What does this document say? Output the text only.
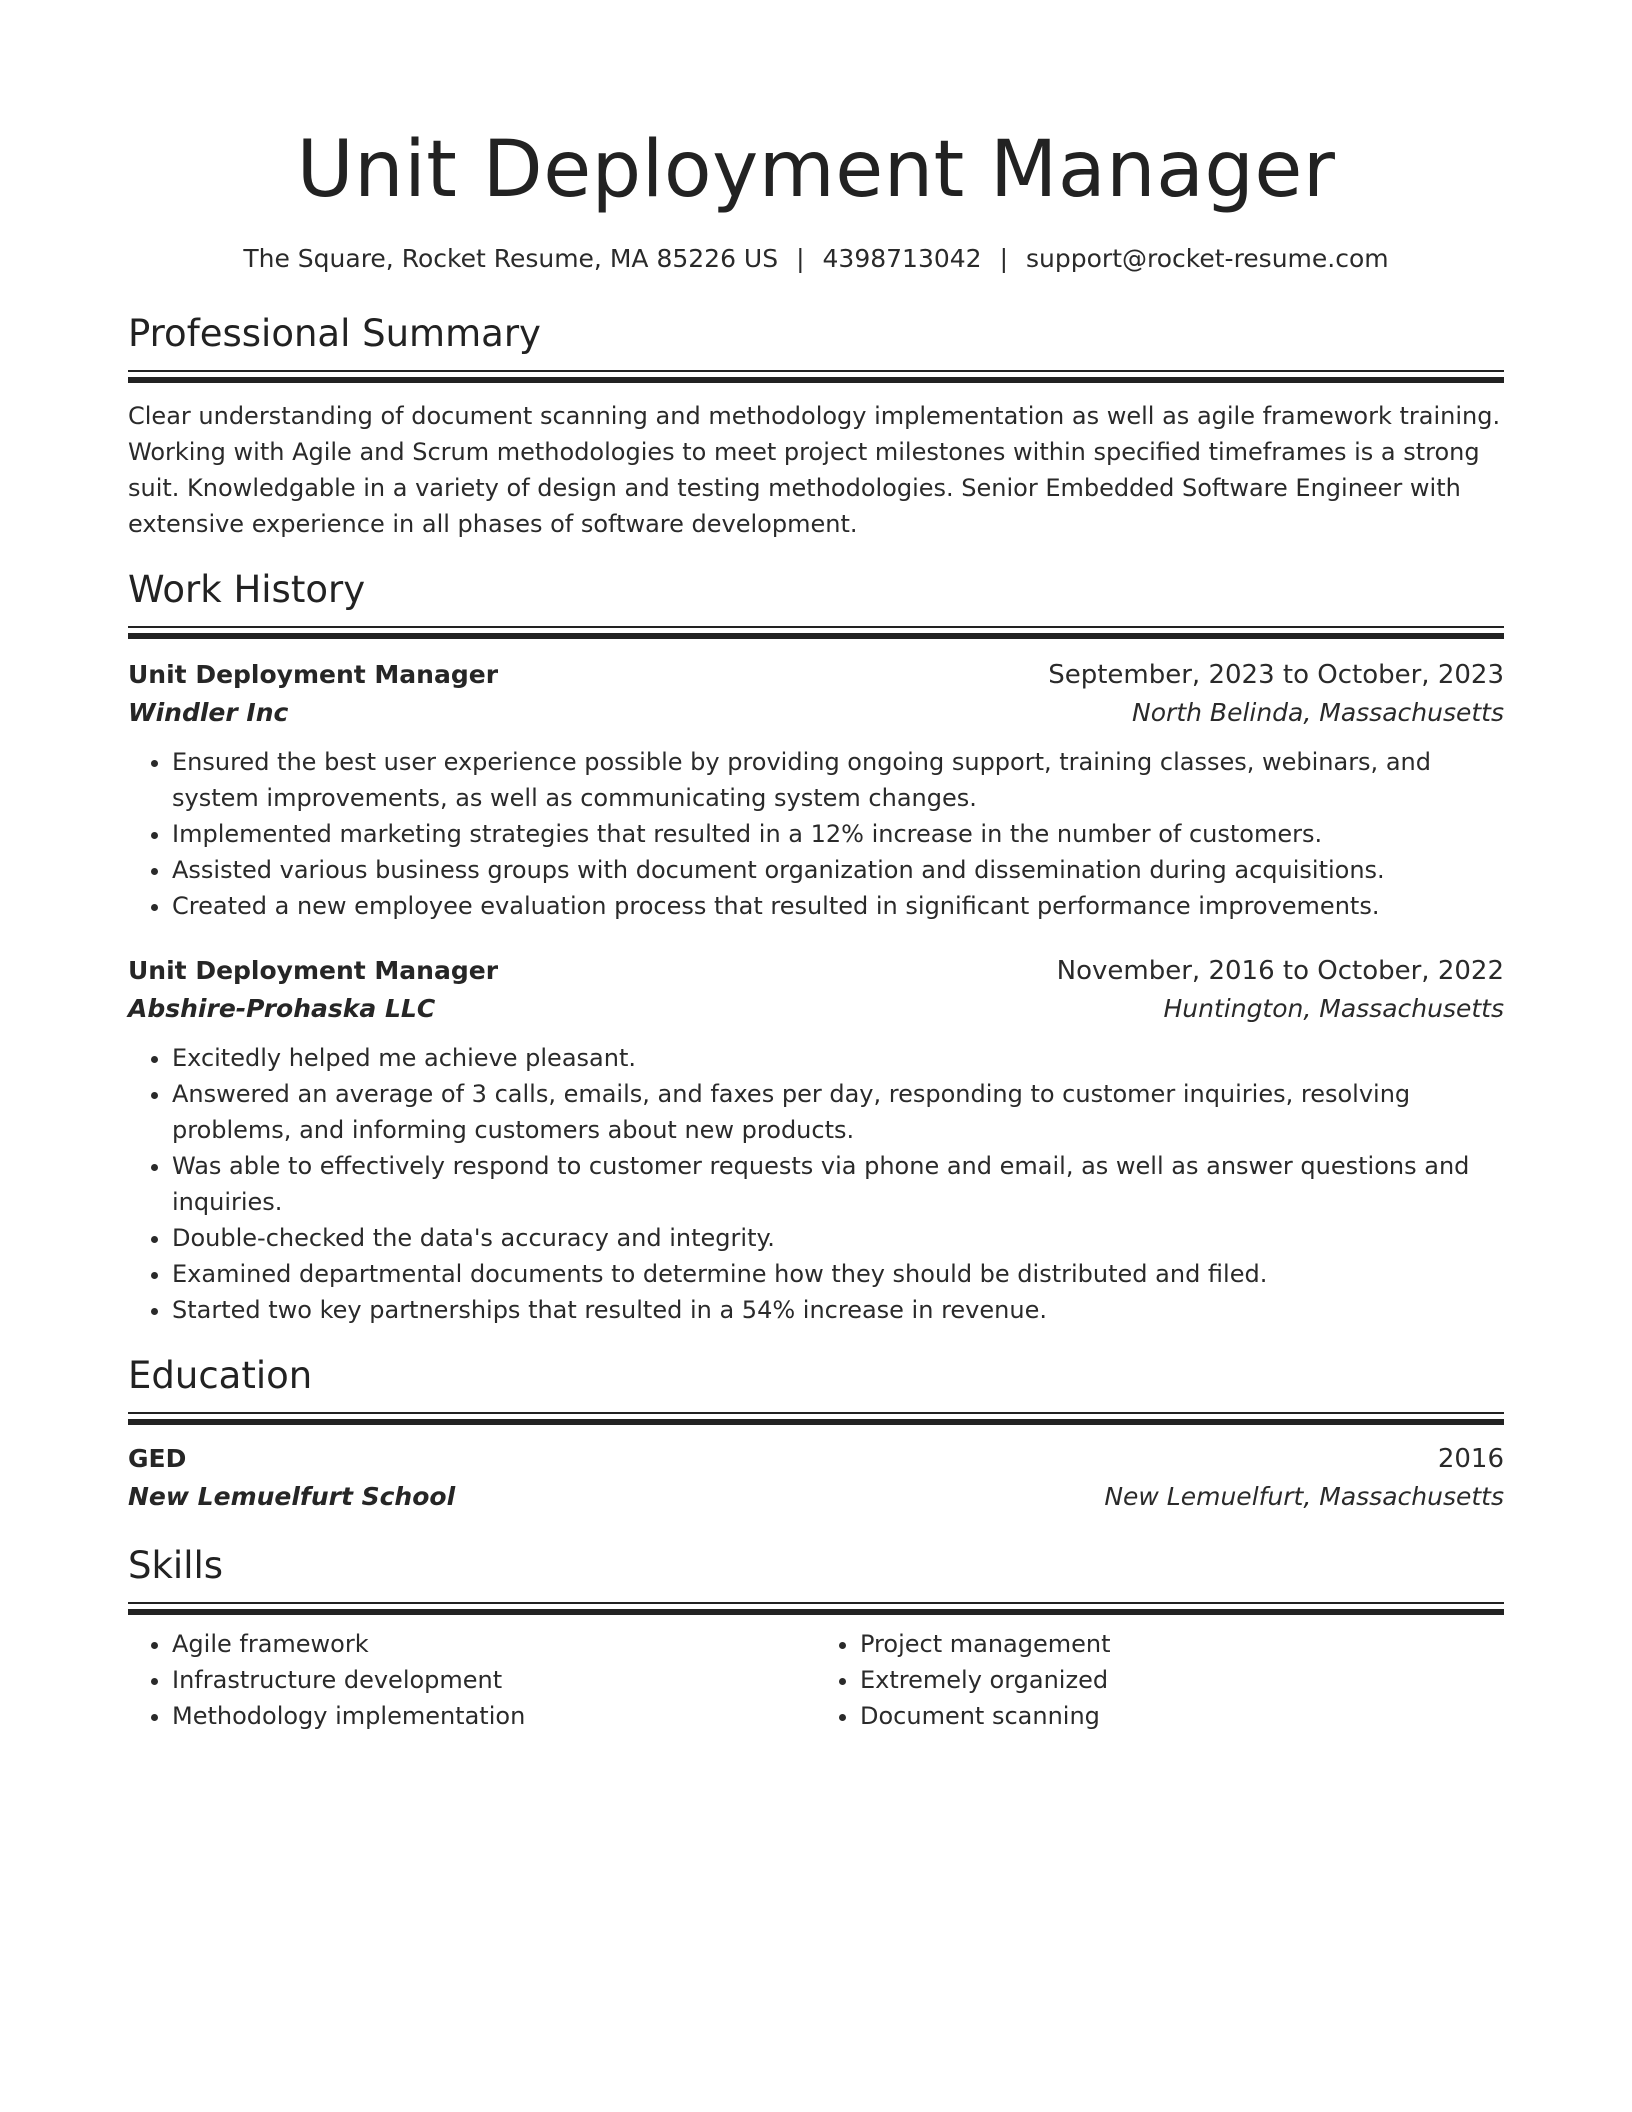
Unit Deployment Manager
The Square, Rocket Resume, MA 85226 US | 4398713042 | support@rocket-resume.com
Professional Summary
Clear understanding of document scanning and methodology implementation as well as agile framework training. Working with Agile and Scrum methodologies to meet project milestones within specified timeframes is a strong suit. Knowledgable in a variety of design and testing methodologies. Senior Embedded Software Engineer with extensive experience in all phases of software development.
Work History
Unit Deployment Manager	September, 2023 to October, 2023
Windler Inc	North Belinda, Massachusetts
• Ensured the best user experience possible by providing ongoing support, training classes, webinars, and system improvements, as well as communicating system changes.
• Implemented marketing strategies that resulted in a 12% increase in the number of customers.
• Assisted various business groups with document organization and dissemination during acquisitions.
• Created a new employee evaluation process that resulted in significant performance improvements.
Unit Deployment Manager	November, 2016 to October, 2022
Abshire-Prohaska LLC	Huntington, Massachusetts
• Excitedly helped me achieve pleasant.
• Answered an average of 3 calls, emails, and faxes per day, responding to customer inquiries, resolving problems, and informing customers about new products.
• Was able to effectively respond to customer requests via phone and email, as well as answer questions and inquiries.
• Double-checked the data's accuracy and integrity.
• Examined departmental documents to determine how they should be distributed and filed.
• Started two key partnerships that resulted in a 54% increase in revenue.
Education
GED	2016
New Lemuelfurt School	New Lemuelfurt, Massachusetts
Skills
• Agile framework
• Infrastructure development
• Methodology implementation
• Project management
• Extremely organized
• Document scanning
